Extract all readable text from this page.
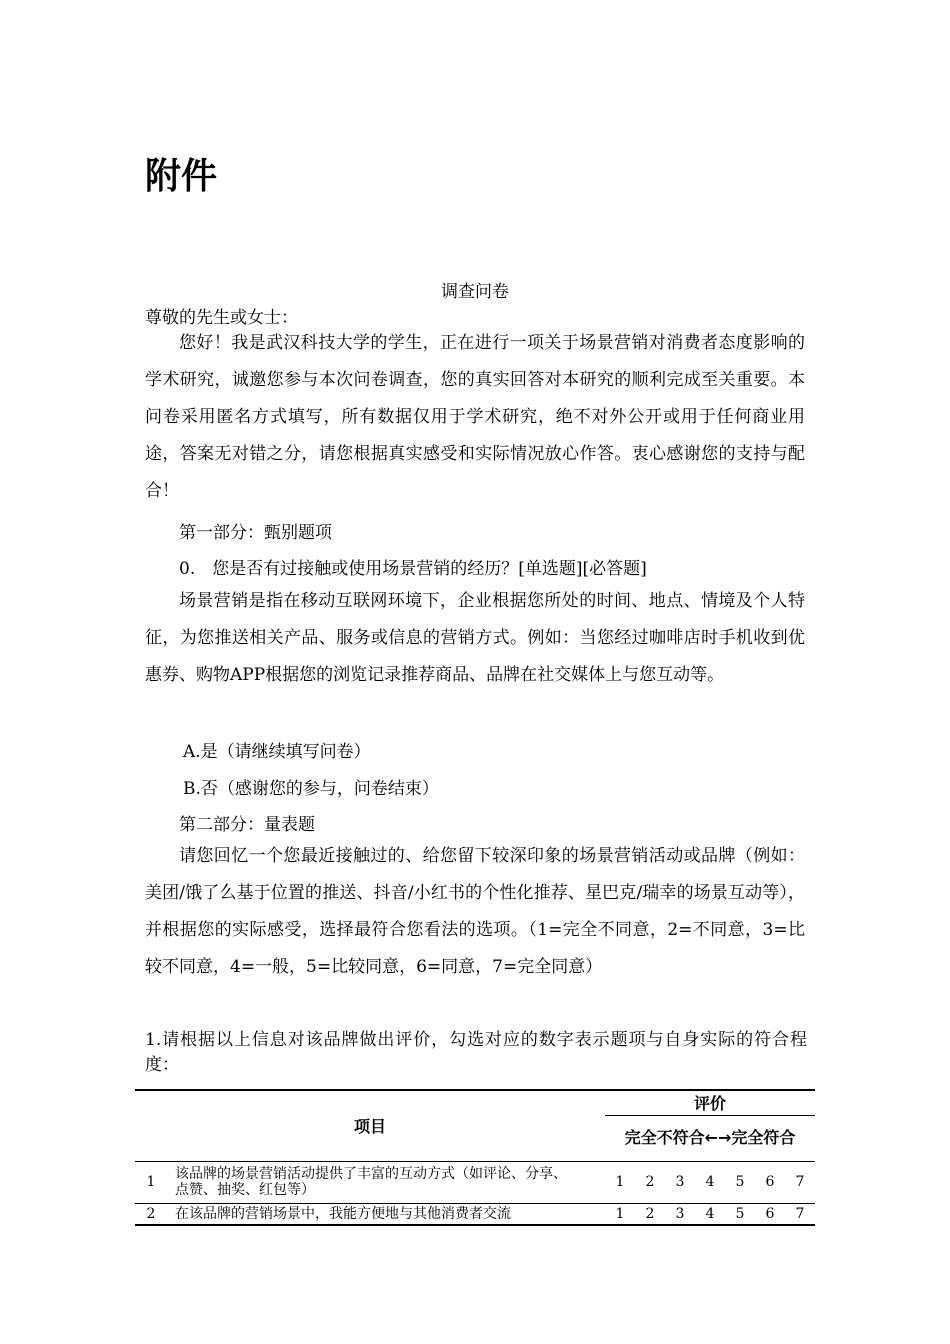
附件
调查问卷
尊敬的先生或女士：
您好！我是武汉科技大学的学生，正在进行一项关于场景营销对消费者态度影响的学术研究，诚邀您参与本次问卷调查，您的真实回答对本研究的顺利完成至关重要。本问卷采用匿名方式填写，所有数据仅用于学术研究，绝不对外公开或用于任何商业用途，答案无对错之分，请您根据真实感受和实际情况放心作答。衷心感谢您的支持与配合！
第一部分：甄别题项
0.　您是否有过接触或使用场景营销的经历？[单选题][必答题]
场景营销是指在移动互联网环境下，企业根据您所处的时间、地点、情境及个人特征，为您推送相关产品、服务或信息的营销方式。例如：当您经过咖啡店时手机收到优惠券、购物APP根据您的浏览记录推荐商品、品牌在社交媒体上与您互动等。
A.是（请继续填写问卷）
B.否（感谢您的参与，问卷结束）
第二部分：量表题
请您回忆一个您最近接触过的、给您留下较深印象的场景营销活动或品牌（例如：美团/饿了么基于位置的推送、抖音/小红书的个性化推荐、星巴克/瑞幸的场景互动等），并根据您的实际感受，选择最符合您看法的选项。（1=完全不同意，2=不同意，3=比较不同意，4=一般，5=比较同意，6=同意，7=完全同意）
1.请根据以上信息对该品牌做出评价，勾选对应的数字表示题项与自身实际的符合程度：
项目		评价						
		完全不符合←→完全符合						
1	该品牌的场景营销活动提供了丰富的互动方式（如评论、分享、点赞、抽奖、红包等）	1	2	3	4	5	6	7
2	在该品牌的营销场景中，我能方便地与其他消费者交流	1	2	3	4	5	6	7
